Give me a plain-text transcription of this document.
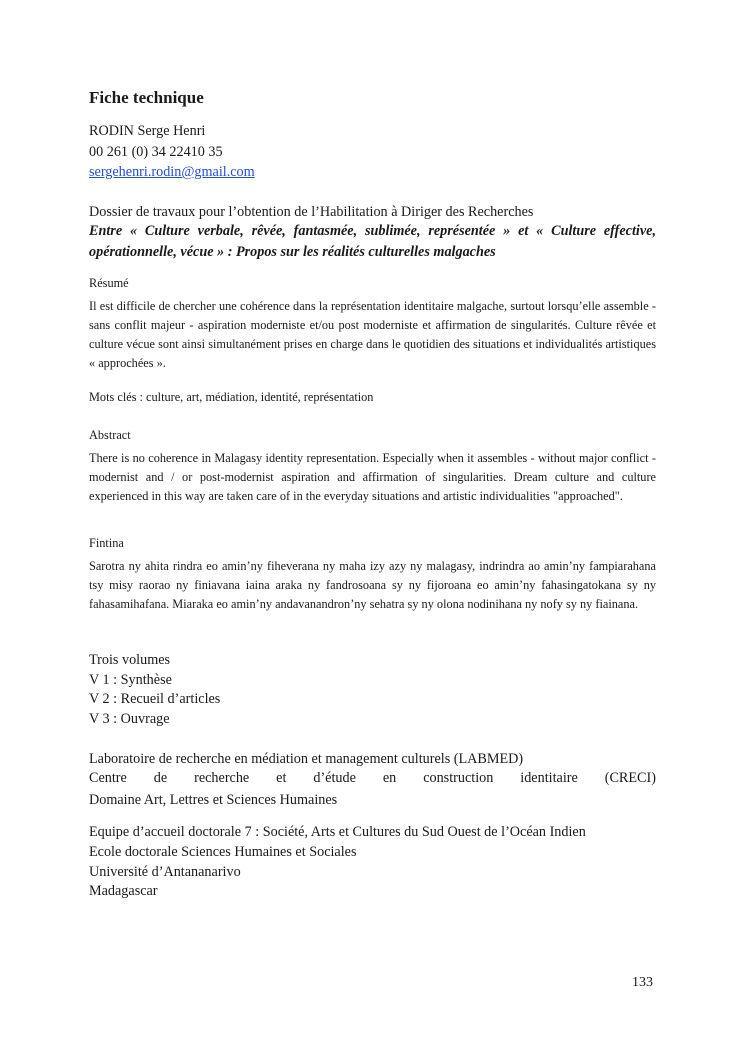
Fiche technique
RODIN Serge Henri
00 261 (0) 34 22410 35
sergehenri.rodin@gmail.com
Dossier de travaux pour l’obtention de l’Habilitation à Diriger des Recherches
Entre « Culture verbale, rêvée, fantasmée, sublimée, représentée » et « Culture effective,
opérationnelle, vécue » : Propos sur les réalités culturelles malgaches
Résumé

Il est difficile de chercher une cohérence dans la représentation identitaire malgache, surtout lorsqu’elle assemble - sans conflit majeur - aspiration moderniste et/ou post moderniste et affirmation de singularités. Culture rêvée et culture vécue sont ainsi simultanément prises en charge dans le quotidien des situations et individualités artistiques « approchées ».

Mots clés : culture, art, médiation, identité, représentation
Abstract

There is no coherence in Malagasy identity representation. Especially when it assembles - without major conflict - modernist and / or post-modernist aspiration and affirmation of singularities. Dream culture and culture experienced in this way are taken care of in the everyday situations and artistic individualities "approached".

Fintina

Sarotra ny ahita rindra eo amin’ny fiheverana ny maha izy azy ny malagasy, indrindra ao amin’ny fampiarahana tsy misy raorao ny finiavana iaina araka ny fandrosoana sy ny fijoroana eo amin’ny fahasingatokana sy ny fahasamihafana. Miaraka eo amin’ny andavanandron’ny sehatra sy ny olona nodinihana ny nofy sy ny fiainana.

Trois volumes
V 1 : Synthèse
V 2 : Recueil d’articles
V 3 : Ouvrage
Laboratoire de recherche en médiation et management culturels (LABMED)
Centre de recherche et d’étude en construction identitaire (CRECI)
Domaine Art, Lettres et Sciences Humaines
Equipe d’accueil doctorale 7 : Société, Arts et Cultures du Sud Ouest de l’Océan Indien
Ecole doctorale Sciences Humaines et Sociales
Université d’Antananarivo
Madagascar
133
